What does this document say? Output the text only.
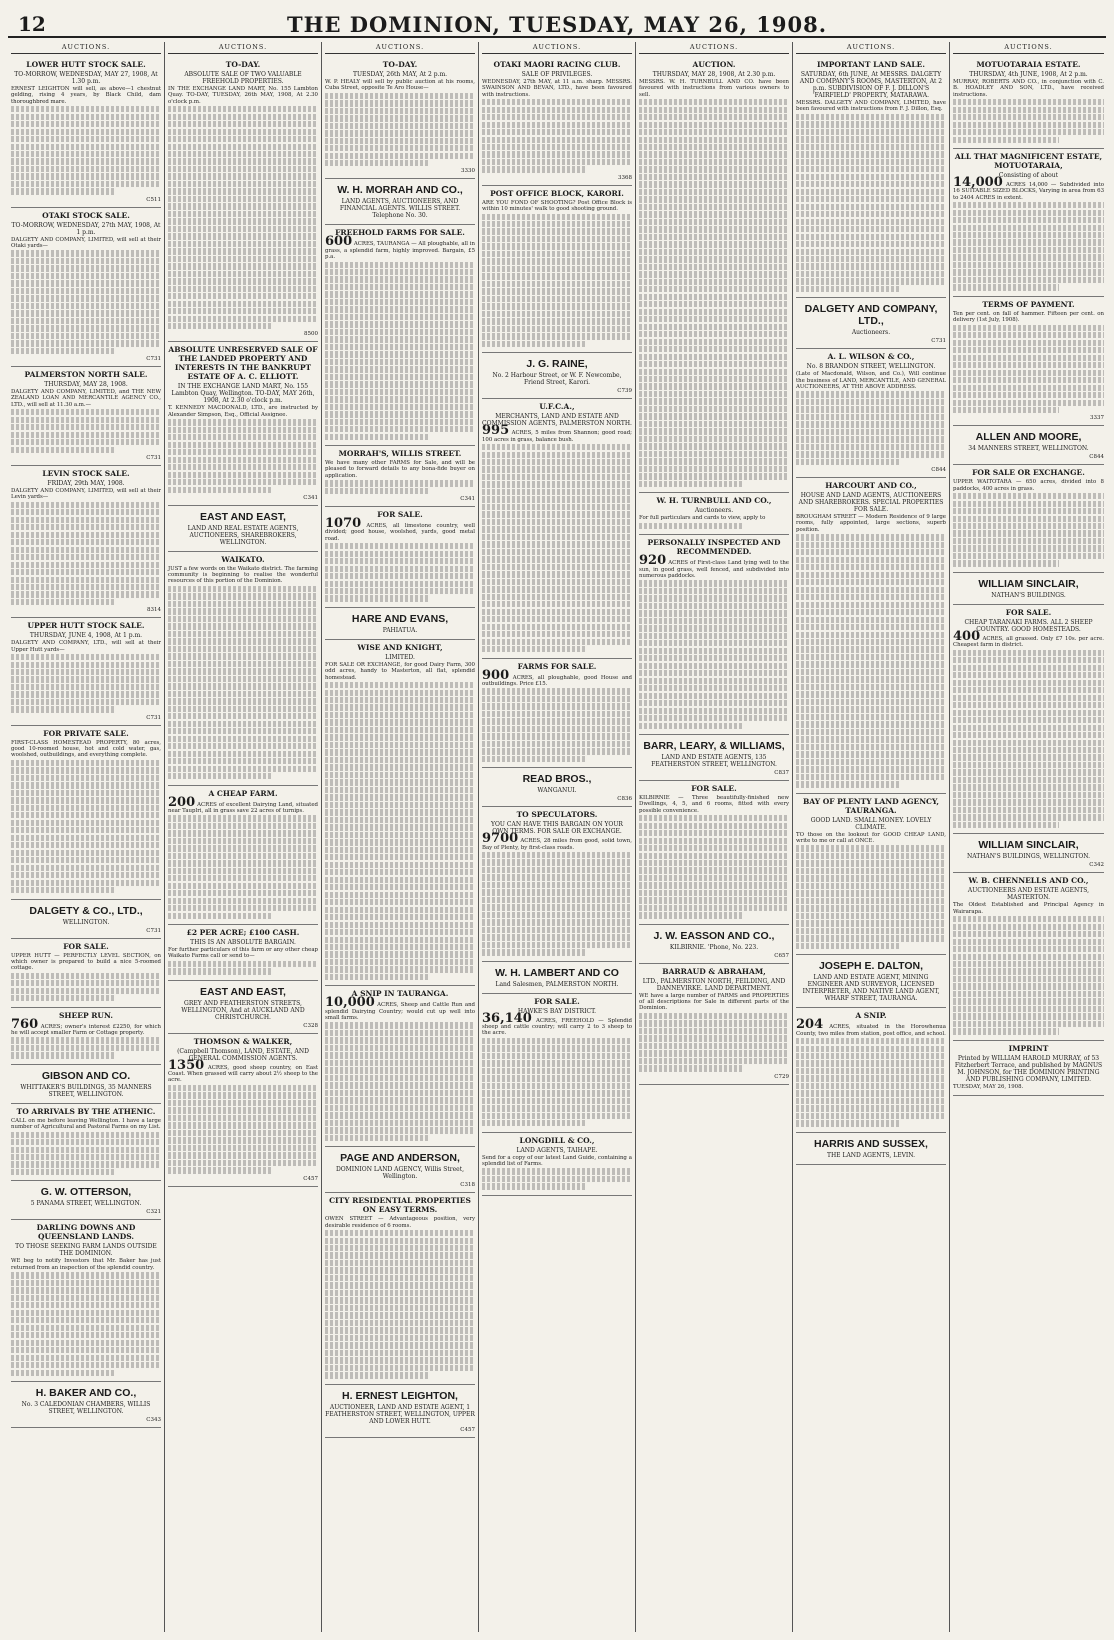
12	THE DOMINION, TUESDAY, MAY 26, 1908.
AUCTIONS.
LOWER HUTT STOCK SALE.
TO-MORROW, WEDNESDAY, MAY 27, 1908, At 1.30 p.m.

ERNEST LEIGHTON will sell, as above—1 chestnut gelding, rising 4 years, by Black Child, dam thoroughbred mare.

C511
OTAKI STOCK SALE.
TO-MORROW, WEDNESDAY, 27th MAY, 1908, At 1 p.m.

DALGETY AND COMPANY, LIMITED, will sell at their Otaki yards—

C731
PALMERSTON NORTH SALE.
THURSDAY, MAY 28, 1908.

DALGETY AND COMPANY, LIMITED, and THE NEW ZEALAND LOAN AND MERCANTILE AGENCY CO., LTD., will sell at 11.30 a.m.—

C731
LEVIN STOCK SALE.
FRIDAY, 29th MAY, 1908.

DALGETY AND COMPANY, LIMITED, will sell at their Levin yards—

8314
UPPER HUTT STOCK SALE.
THURSDAY, JUNE 4, 1908, At 1 p.m.

DALGETY AND COMPANY, LTD., will sell at their Upper Hutt yards—

C731
FOR PRIVATE SALE.

FIRST-CLASS HOMESTEAD PROPERTY, 80 acres, good 10-roomed house, hot and cold water, gas, woolshed, outbuildings, and everything complete.

DALGETY & CO., LTD.,
WELLINGTON.
C731
FOR SALE.

UPPER HUTT — PERFECTLY LEVEL SECTION, on which owner is prepared to build a nice 5-roomed cottage.

SHEEP RUN.

760 ACRES; owner's interest £2250, for which he will accept smaller Farm or Cottage property.

GIBSON AND CO.
WHITTAKER'S BUILDINGS, 35 MANNERS STREET, WELLINGTON.
TO ARRIVALS BY THE ATHENIC.

CALL on me before leaving Wellington. I have a large number of Agricultural and Pastoral Farms on my List.

G. W. OTTERSON,
5 PANAMA STREET, WELLINGTON.
C321
DARLING DOWNS AND QUEENSLAND LANDS.
TO THOSE SEEKING FARM LANDS OUTSIDE THE DOMINION.

WE beg to notify Investors that Mr. Baker has just returned from an inspection of the splendid country.

H. BAKER AND CO.,
No. 3 CALEDONIAN CHAMBERS, WILLIS STREET, WELLINGTON.
C343
AUCTIONS.
TO-DAY.
ABSOLUTE SALE OF TWO VALUABLE FREEHOLD PROPERTIES.

IN THE EXCHANGE LAND MART, No. 155 Lambton Quay. TO-DAY, TUESDAY, 26th MAY, 1908, At 2.30 o'clock p.m.

8500
ABSOLUTE UNRESERVED SALE OF THE LANDED PROPERTY AND INTERESTS IN THE BANKRUPT ESTATE OF A. C. ELLIOTT.
IN THE EXCHANGE LAND MART, No. 155 Lambton Quay, Wellington. TO-DAY, MAY 26th, 1908, At 2.30 o'clock p.m.

T. KENNEDY MACDONALD, LTD., are instructed by Alexander Simpson, Esq., Official Assignee.

C341
EAST AND EAST,
LAND AND REAL ESTATE AGENTS, AUCTIONEERS, SHAREBROKERS, WELLINGTON.
WAIKATO.

JUST a few words on the Waikato district. The farming community is beginning to realise the wonderful resources of this portion of the Dominion.

A CHEAP FARM.

200 ACRES of excellent Dairying Land, situated near Tauplri, all in grass save 22 acres of turnips.

£2 PER ACRE; £100 CASH.
THIS IS AN ABSOLUTE BARGAIN.

For further particulars of this farm or any other cheap Waikato Farms call or send to—

EAST AND EAST,
GREY AND FEATHERSTON STREETS, WELLINGTON, And at AUCKLAND AND CHRISTCHURCH.
C328
THOMSON & WALKER,
(Campbell Thomson), LAND, ESTATE, AND GENERAL COMMISSION AGENTS.

1350 ACRES, good sheep country, on East Coast. When grassed will carry about 2½ sheep to the acre.

C457
AUCTIONS.
TO-DAY.
TUESDAY, 26th MAY, At 2 p.m.

W. P. HEALY will sell by public auction at his rooms, Cuba Street, opposite Te Aro House—

3330
W. H. MORRAH AND CO.,
LAND AGENTS, AUCTIONEERS, AND FINANCIAL AGENTS. WILLIS STREET. Telephone No. 30.
FREEHOLD FARMS FOR SALE.

600 ACRES, TAURANGA — All ploughable, all in grass, a splendid farm, highly improved. Bargain, £5 p.a.

MORRAH'S, WILLIS STREET.

We have many other FARMS for Sale, and will be pleased to forward details to any bona-fide buyer on application.

C341
FOR SALE.

1070 ACRES, all limestone country, well divided; good house, woolshed, yards, good metal road.

HARE AND EVANS,
PAHIATUA.
WISE AND KNIGHT,
LIMITED.

FOR SALE OR EXCHANGE, for good Dairy Farm, 300 odd acres, handy to Masterton, all flat, splendid homestead.

A SNIP IN TAURANGA.

10,000 ACRES, Sheep and Cattle Run and splendid Dairying Country; would cut up well into small farms.

PAGE AND ANDERSON,
DOMINION LAND AGENCY, Willis Street, Wellington.
C318
CITY RESIDENTIAL PROPERTIES ON EASY TERMS.

OWEN STREET — Advantageous position, very desirable residence of 6 rooms.

H. ERNEST LEIGHTON,
AUCTIONEER, LAND AND ESTATE AGENT, 1 FEATHERSTON STREET, WELLINGTON, UPPER AND LOWER HUTT.
C457
AUCTIONS.
OTAKI MAORI RACING CLUB.
SALE OF PRIVILEGES.

WEDNESDAY, 27th MAY, at 11 a.m. sharp. MESSRS. SWAINSON AND BEVAN, LTD., have been favoured with instructions.

3368
POST OFFICE BLOCK, KARORI.

ARE YOU FOND OF SHOOTING? Post Office Block is within 10 minutes' walk to good shooting ground.

J. G. RAINE,
No. 2 Harbour Street, or W. F. Newcombe, Friend Street, Karori.
C739
U.F.C.A.,
MERCHANTS, LAND AND ESTATE AND COMMISSION AGENTS, PALMERSTON NORTH.

995 ACRES, 5 miles from Shannon; good road; 100 acres in grass, balance bush.

FARMS FOR SALE.

900 ACRES, all ploughable, good House and outbuildings. Price £15.

READ BROS.,
WANGANUI.
C836
TO SPECULATORS.
YOU CAN HAVE THIS BARGAIN ON YOUR OWN TERMS. FOR SALE OR EXCHANGE.

9700 ACRES, 28 miles from good, solid town, Bay of Plenty, by first-class roads.

W. H. LAMBERT AND CO
Land Salesmen, PALMERSTON NORTH.
FOR SALE.
HAWKE'S BAY DISTRICT.

36,140 ACRES, FREEHOLD — Splendid sheep and cattle country; will carry 2 to 3 sheep to the acre.

LONGDILL & CO.,
LAND AGENTS, TAIHAPE.

Send for a copy of our latest Land Guide, containing a splendid list of Farms.

AUCTIONS.
AUCTION.
THURSDAY, MAY 28, 1908, At 2.30 p.m.

MESSRS. W. H. TURNBULL AND CO. have been favoured with instructions from various owners to sell.

W. H. TURNBULL AND CO.,
Auctioneers.

For full particulars and cards to view, apply to

PERSONALLY INSPECTED AND RECOMMENDED.

920 ACRES of First-class Land lying well to the sun, in good grass, well fenced, and subdivided into numerous paddocks.

BARR, LEARY, & WILLIAMS,
LAND AND ESTATE AGENTS, 135 FEATHERSTON STREET, WELLINGTON.
C837
FOR SALE.

KILBIRNIE — Three beautifully-finished new Dwellings, 4, 5, and 6 rooms, fitted with every possible convenience.

J. W. EASSON AND CO.,
KILBIRNIE. 'Phone, No. 223.
C657
BARRAUD & ABRAHAM,
LTD., PALMERSTON NORTH, FEILDING, AND DANNEVIRKE. LAND DEPARTMENT.

WE have a large number of FARMS and PROPERTIES of all descriptions for Sale in different parts of the Dominion.

C729
AUCTIONS.
IMPORTANT LAND SALE.
SATURDAY, 6th JUNE, At MESSRS. DALGETY AND COMPANY'S ROOMS, MASTERTON, At 2 p.m. SUBDIVISION OF F. J. DILLON'S 'FAIRFIELD' PROPERTY, MATARAWA.

MESSRS. DALGETY AND COMPANY, LIMITED, have been favoured with instructions from F. J. Dillon, Esq.

DALGETY AND COMPANY, LTD.,
Auctioneers.
C731
A. L. WILSON & CO.,
No. 8 BRANDON STREET, WELLINGTON.

(Late of Macdonald, Wilson, and Co.), Will continue the business of LAND, MERCANTILE, AND GENERAL AUCTIONEERS, AT THE ABOVE ADDRESS.

C844
HARCOURT AND CO.,
HOUSE AND LAND AGENTS, AUCTIONEERS AND SHAREBROKERS. SPECIAL PROPERTIES FOR SALE.

BROUGHAM STREET — Modern Residence of 9 large rooms, fully appointed, large sections, superb position.

BAY OF PLENTY LAND AGENCY, TAURANGA.
GOOD LAND. SMALL MONEY. LOVELY CLIMATE.

TO those on the lookout for GOOD CHEAP LAND, write to me or call at ONCE.

JOSEPH E. DALTON,
LAND AND ESTATE AGENT, MINING ENGINEER AND SURVEYOR, LICENSED INTERPRETER, AND NATIVE LAND AGENT, WHARF STREET, TAURANGA.
A SNIP.

204 ACRES, situated in the Horowhenua County, two miles from station, post office, and school.

HARRIS AND SUSSEX,
THE LAND AGENTS, LEVIN.
AUCTIONS.
MOTUOTARAIA ESTATE.
THURSDAY, 4th JUNE, 1908, At 2 p.m.

MURRAY, ROBERTS AND CO., in conjunction with C. B. HOADLEY AND SON, LTD., have received instructions.

ALL THAT MAGNIFICENT ESTATE, MOTUOTARAIA,
Consisting of about

14,000 ACRES 14,000 — Subdivided into 16 SUITABLE SIZED BLOCKS, Varying in area from 63 to 2404 ACRES in extent.

TERMS OF PAYMENT.

Ten per cent. on fall of hammer. Fifteen per cent. on delivery (1st July, 1908).

3337
ALLEN AND MOORE,
34 MANNERS STREET, WELLINGTON.
C844
FOR SALE OR EXCHANGE.

UPPER WAITOTARA — 650 acres, divided into 8 paddocks, 400 acres in grass.

WILLIAM SINCLAIR,
NATHAN'S BUILDINGS.
FOR SALE.
CHEAP TARANAKI FARMS. ALL 2 SHEEP COUNTRY. GOOD HOMESTEADS.

400 ACRES, all grassed. Only £7 10s. per acre. Cheapest farm in district.

WILLIAM SINCLAIR,
NATHAN'S BUILDINGS, WELLINGTON.
C342
W. B. CHENNELLS AND CO.,
AUCTIONEERS AND ESTATE AGENTS, MASTERTON.

The Oldest Established and Principal Agency in Wairarapa.

IMPRINT
Printed by WILLIAM HAROLD MURRAY, of 53 Fitzherbert Terrace, and published by MAGNUS M. JOHNSON, for THE DOMINION PRINTING AND PUBLISHING COMPANY, LIMITED.

TUESDAY, MAY 26, 1908.
